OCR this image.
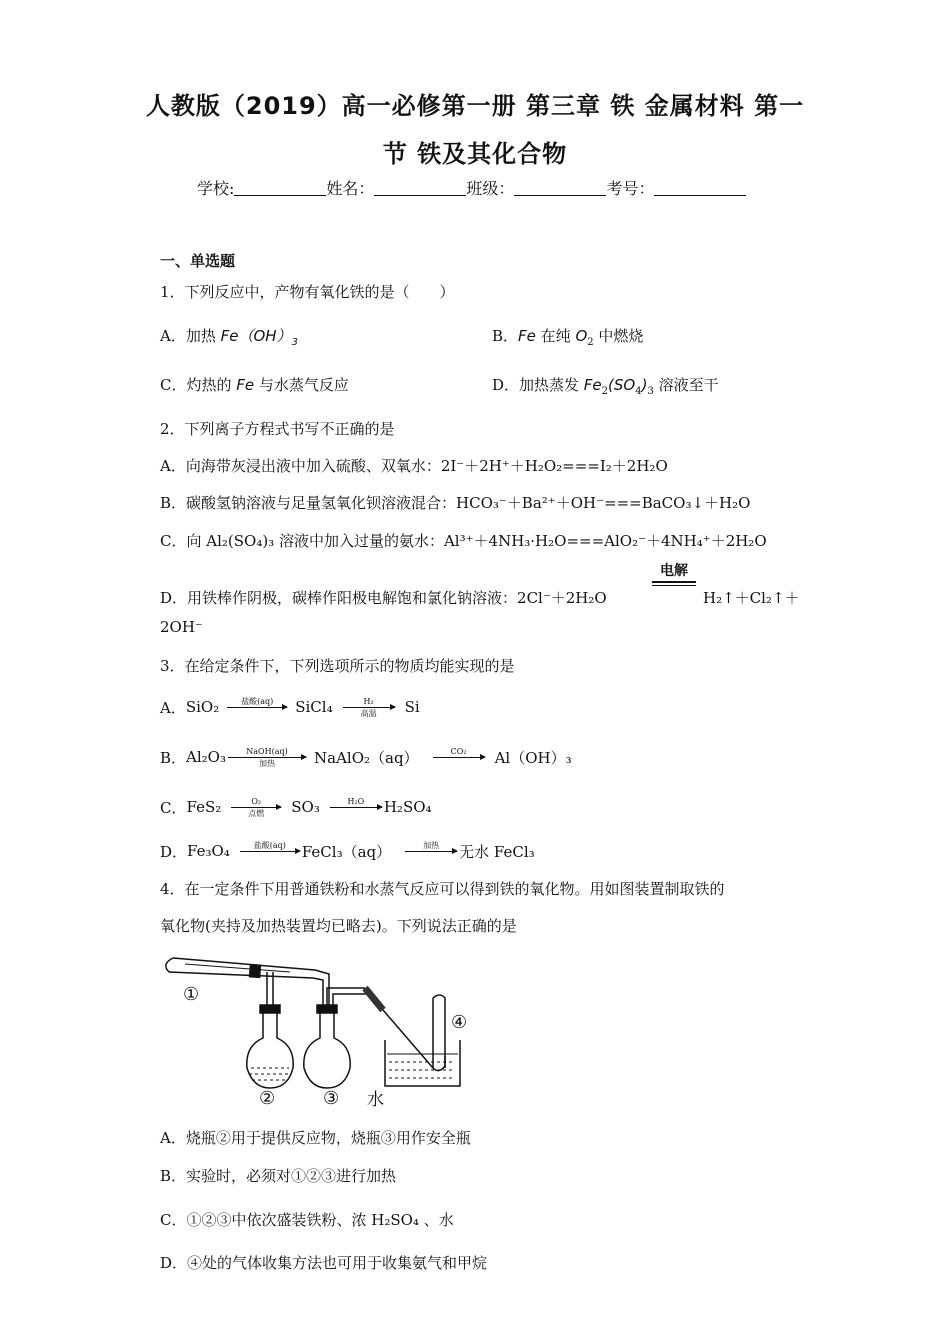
人教版（2019）高一必修第一册 第三章 铁 金属材料 第一
节 铁及其化合物
学校:	姓名：	班级：	考号：
一、单选题
1．下列反应中，产物有氧化铁的是（　　）
A．加热 $Fe(OH)_3$	B．Fe 在纯 $O_2$ 中燃烧
C．灼热的 Fe 与水蒸气反应	D．加热蒸发 $Fe_2(SO_4)_3$ 溶液至干
2．下列离子方程式书写不正确的是
A．向海带灰浸出液中加入硫酸、双氧水：2I⁻＋2H⁺＋H₂O₂===I₂＋2H₂O
B．碳酸氢钠溶液与足量氢氧化钡溶液混合：HCO₃⁻＋Ba²⁺＋OH⁻===BaCO₃↓＋H₂O
C．向 Al₂(SO₄)₃ 溶液中加入过量的氨水：Al³⁺＋4NH₃·H₂O===AlO₂⁻＋4NH₄⁺＋2H₂O
D．用铁棒作阴极，碳棒作阳极电解饱和氯化钠溶液：2Cl⁻＋2H₂O
电解
H₂↑＋Cl₂↑＋
2OH⁻
3．在给定条件下，下列选项所示的物质均能实现的是
A． SiO₂	盐酸(aq)	SiCl₄	H₂
高温	Si
B． Al₂O₃	NaOH(aq)
加热	NaAlO₂（aq）	CO₂	Al（OH）₃
C． FeS₂	O₂
点燃	SO₃	H₂O	H₂SO₄
D． Fe₃O₄	盐酸(aq)	FeCl₃（aq）	加热	无水 FeCl₃
4．在一定条件下用普通铁粉和水蒸气反应可以得到铁的氧化物。用如图装置制取铁的
氧化物(夹持及加热装置均已略去)。下列说法正确的是
①
②	③
④
水
A．烧瓶②用于提供反应物，烧瓶③用作安全瓶
B．实验时，必须对①②③进行加热
C．①②③中依次盛装铁粉、浓 H₂SO₄ 、水
D．④处的气体收集方法也可用于收集氨气和甲烷
